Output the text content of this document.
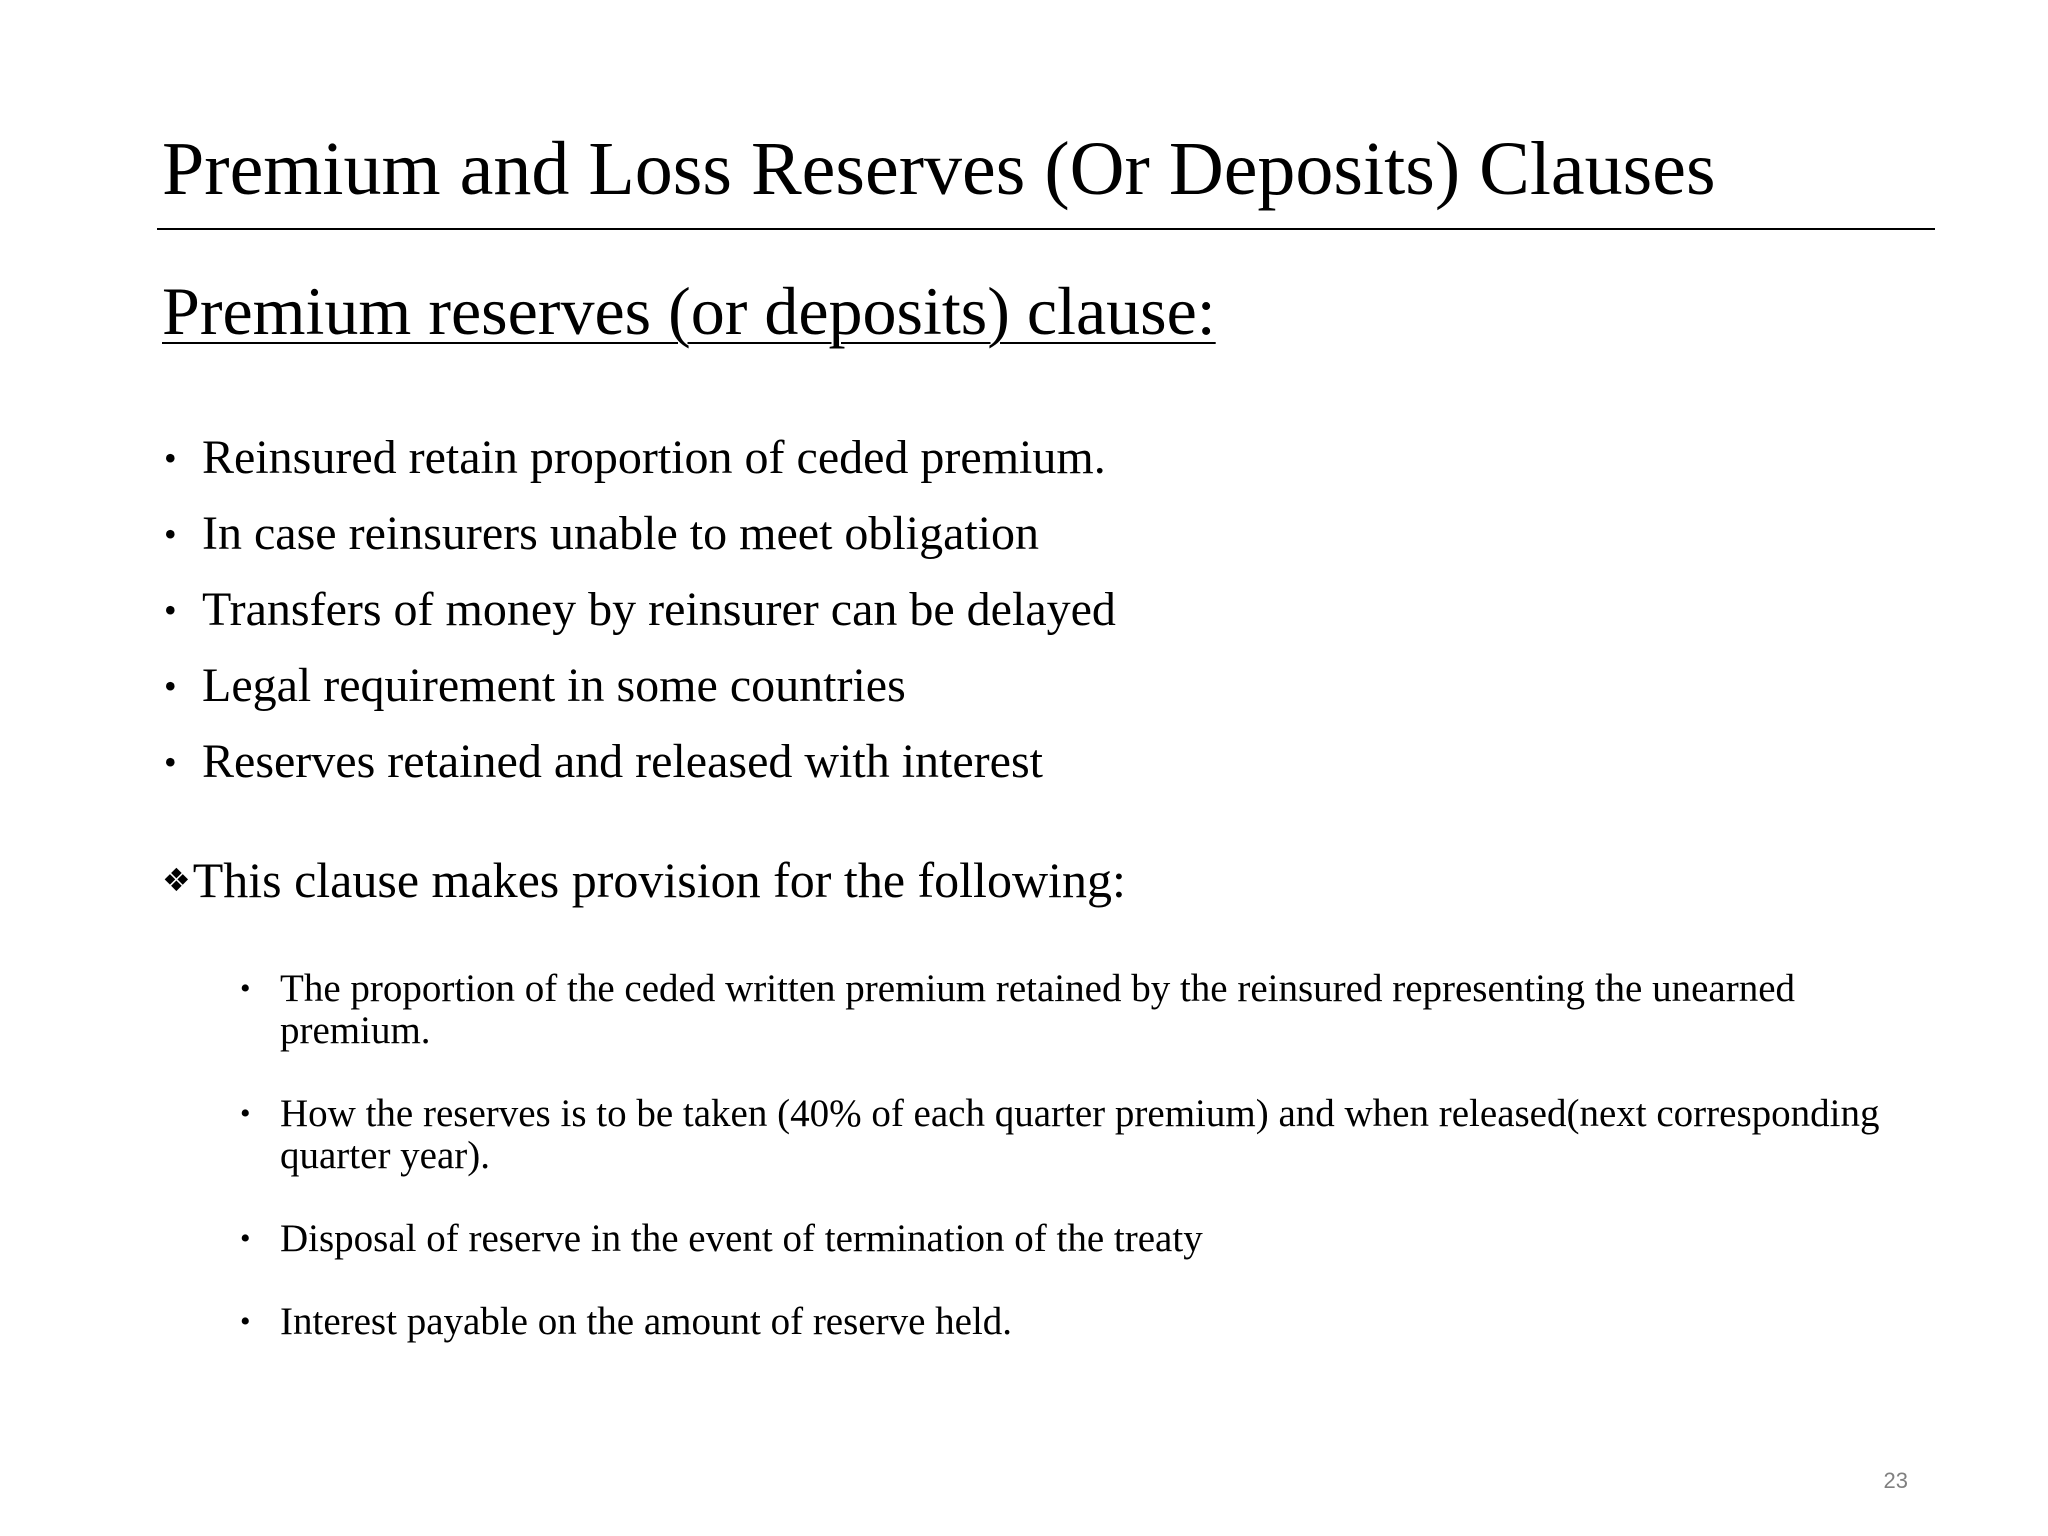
Premium and Loss Reserves (Or Deposits) Clauses
Premium reserves (or deposits) clause:
• Reinsured retain proportion of ceded premium.
• In case reinsurers unable to meet obligation
• Transfers of money by reinsurer can be delayed
• Legal requirement in some countries
• Reserves retained and released with interest

❖This clause makes provision for the following:

• The proportion of the ceded written premium retained by the reinsured representing the unearned premium.
• How the reserves is to be taken (40% of each quarter premium) and when released(next corresponding quarter year).
• Disposal of reserve in the event of termination of the treaty
• Interest payable on the amount of reserve held.
23
